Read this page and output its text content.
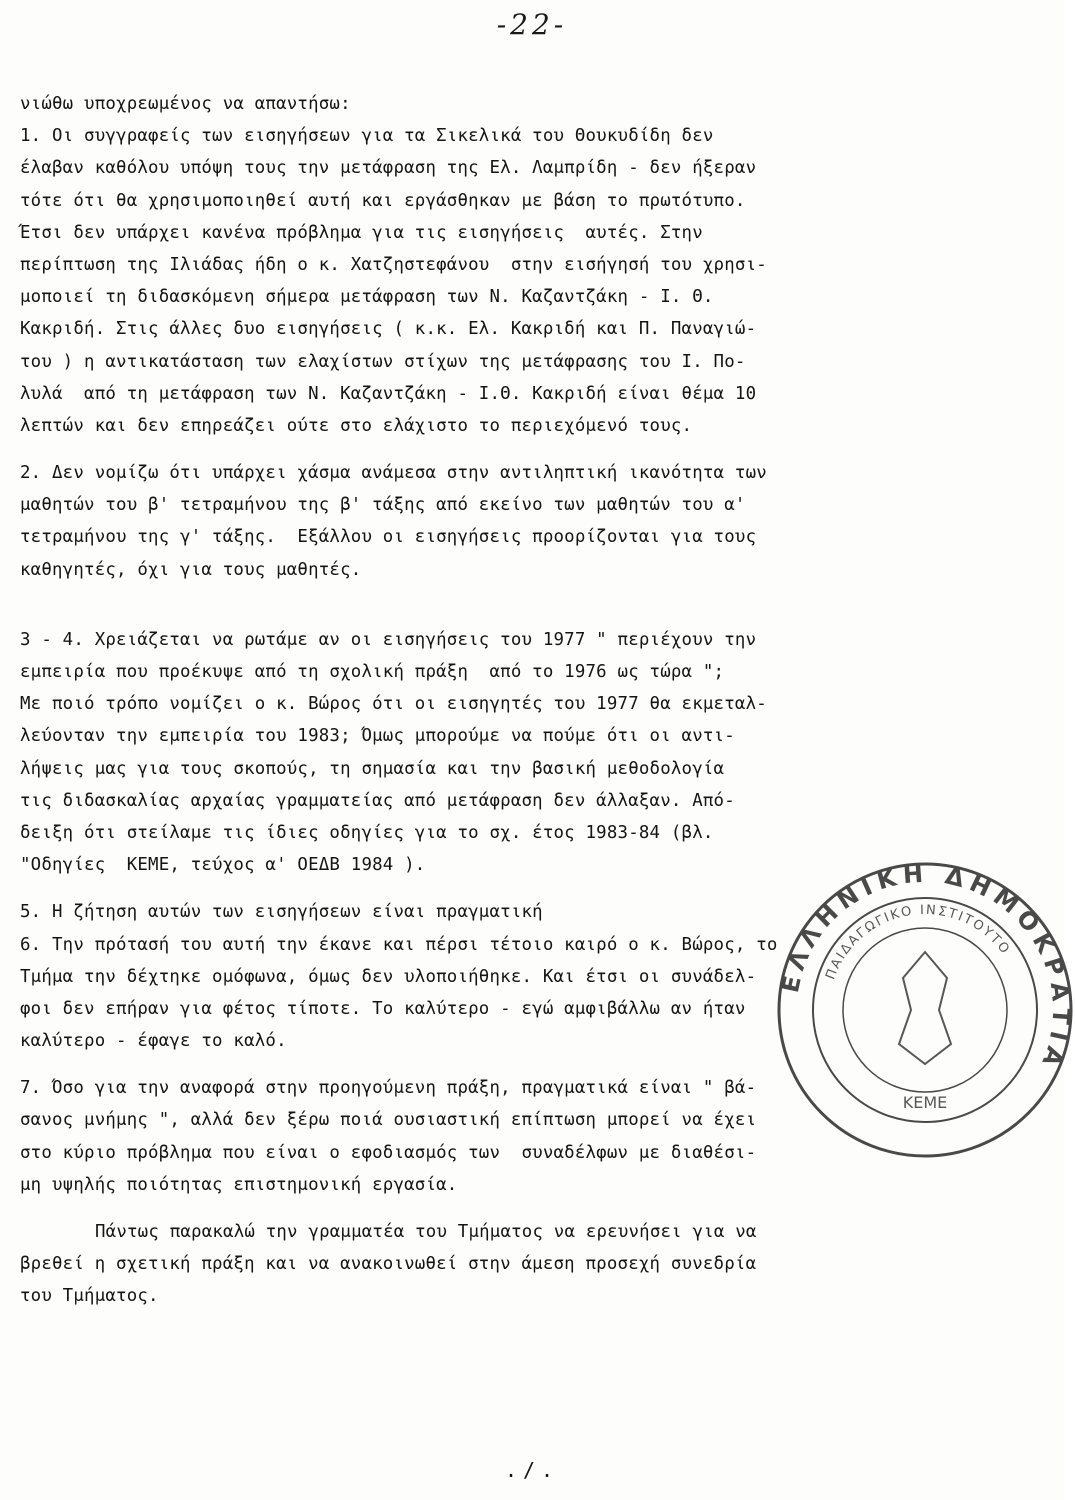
-22-
νιώθω υποχρεωμένος να απαντήσω:
1. Οι συγγραφείς των εισηγήσεων για τα Σικελικά του Θουκυδίδη δεν
έλαβαν καθόλου υπόψη τους την μετάφραση της Ελ. Λαμπρίδη - δεν ήξεραν
τότε ότι θα χρησιμοποιηθεί αυτή και εργάσθηκαν με βάση το πρωτότυπο.
Έτσι δεν υπάρχει κανένα πρόβλημα για τις εισηγήσεις  αυτές. Στην
περίπτωση της Ιλιάδας ήδη ο κ. Χατζηστεφάνου  στην εισήγησή του χρησι-
μοποιεί τη διδασκόμενη σήμερα μετάφραση των Ν. Καζαντζάκη - Ι. Θ.
Κακριδή. Στις άλλες δυο εισηγήσεις ( κ.κ. Ελ. Κακριδή και Π. Παναγιώ-
του ) η αντικατάσταση των ελαχίστων στίχων της μετάφρασης του Ι. Πο-
λυλά  από τη μετάφραση των Ν. Καζαντζάκη - Ι.Θ. Κακριδή είναι θέμα 10
λεπτών και δεν επηρεάζει ούτε στο ελάχιστο το περιεχόμενό τους.
2. Δεν νομίζω ότι υπάρχει χάσμα ανάμεσα στην αντιληπτική ικανότητα των
μαθητών του β' τετραμήνου της β' τάξης από εκείνο των μαθητών του α'
τετραμήνου της γ' τάξης.  Εξάλλου οι εισηγήσεις προορίζονται για τους
καθηγητές, όχι για τους μαθητές.
3 - 4. Χρειάζεται να ρωτάμε αν οι εισηγήσεις του 1977 " περιέχουν την
εμπειρία που προέκυψε από τη σχολική πράξη  από το 1976 ως τώρα ";
Με ποιό τρόπο νομίζει ο κ. Βώρος ότι οι εισηγητές του 1977 θα εκμεταλ-
λεύονταν την εμπειρία του 1983; Όμως μπορούμε να πούμε ότι οι αντι-
λήψεις μας για τους σκοπούς, τη σημασία και την βασική μεθοδολογία
τις διδασκαλίας αρχαίας γραμματείας από μετάφραση δεν άλλαξαν. Από-
δειξη ότι στείλαμε τις ίδιες οδηγίες για το σχ. έτος 1983-84 (βλ.
"Οδηγίες  ΚΕΜΕ, τεύχος α' ΟΕΔΒ 1984 ).
5. Η ζήτηση αυτών των εισηγήσεων είναι πραγματική
6. Την πρότασή του αυτή την έκανε και πέρσι τέτοιο καιρό ο κ. Βώρος, το
Τμήμα την δέχτηκε ομόφωνα, όμως δεν υλοποιήθηκε. Και έτσι οι συνάδελ-
φοι δεν επήραν για φέτος τίποτε. Το καλύτερο - εγώ αμφιβάλλω αν ήταν
καλύτερο - έφαγε το καλό.
7. Όσο για την αναφορά στην προηγούμενη πράξη, πραγματικά είναι " βά-
σανος μνήμης ", αλλά δεν ξέρω ποιά ουσιαστική επίπτωση μπορεί να έχει
στο κύριο πρόβλημα που είναι ο εφοδιασμός των  συναδέλφων με διαθέσι-
μη υψηλής ποιότητας επιστημονική εργασία.
Πάντως παρακαλώ την γραμματέα του Τμήματος να ερευνήσει για να
βρεθεί η σχετική πράξη και να ανακοινωθεί στην άμεση προσεχή συνεδρία
του Τμήματος.
ΕΛΛΗΝΙΚΗ ΔΗΜΟΚΡΑΤΙΑ
ΠΑΙΔΑΓΩΓΙΚΟ ΙΝΣΤΙΤΟΥΤΟ
ΚΕΜΕ
./.
